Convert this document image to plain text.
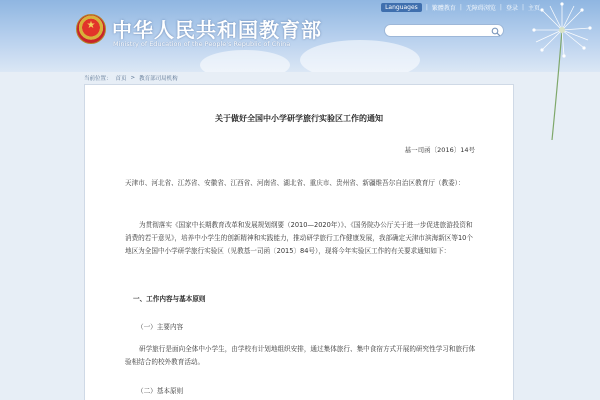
★ 中华人民共和国教育部
Ministry of Education of the People's Republic of China
Languages	| 繁體教育 | 无障碍浏览 | 登录 | 主页
当前位置： 首页 > 教育部司局机构
关于做好全国中小学研学旅行实验区工作的通知
基一司函〔2016〕14号
天津市、河北省、江苏省、安徽省、江西省、河南省、湖北省、重庆市、贵州省、新疆维吾尔自治区教育厅（教委）：
为贯彻落实《国家中长期教育改革和发展规划纲要（2010—2020年）》、《国务院办公厅关于进一步促进旅游投资和消费的若干意见》，培养中小学生的创新精神和实践能力，推动研学旅行工作健康发展，我部确定天津市滨海新区等10个地区为全国中小学研学旅行实验区（见教基一司函〔2015〕84号），现将今年实验区工作的有关要求通知如下：
一、工作内容与基本原则
（一）主要内容
研学旅行是面向全体中小学生，由学校有计划地组织安排，通过集体旅行、集中食宿方式开展的研究性学习和旅行体验相结合的校外教育活动。
（二）基本原则
